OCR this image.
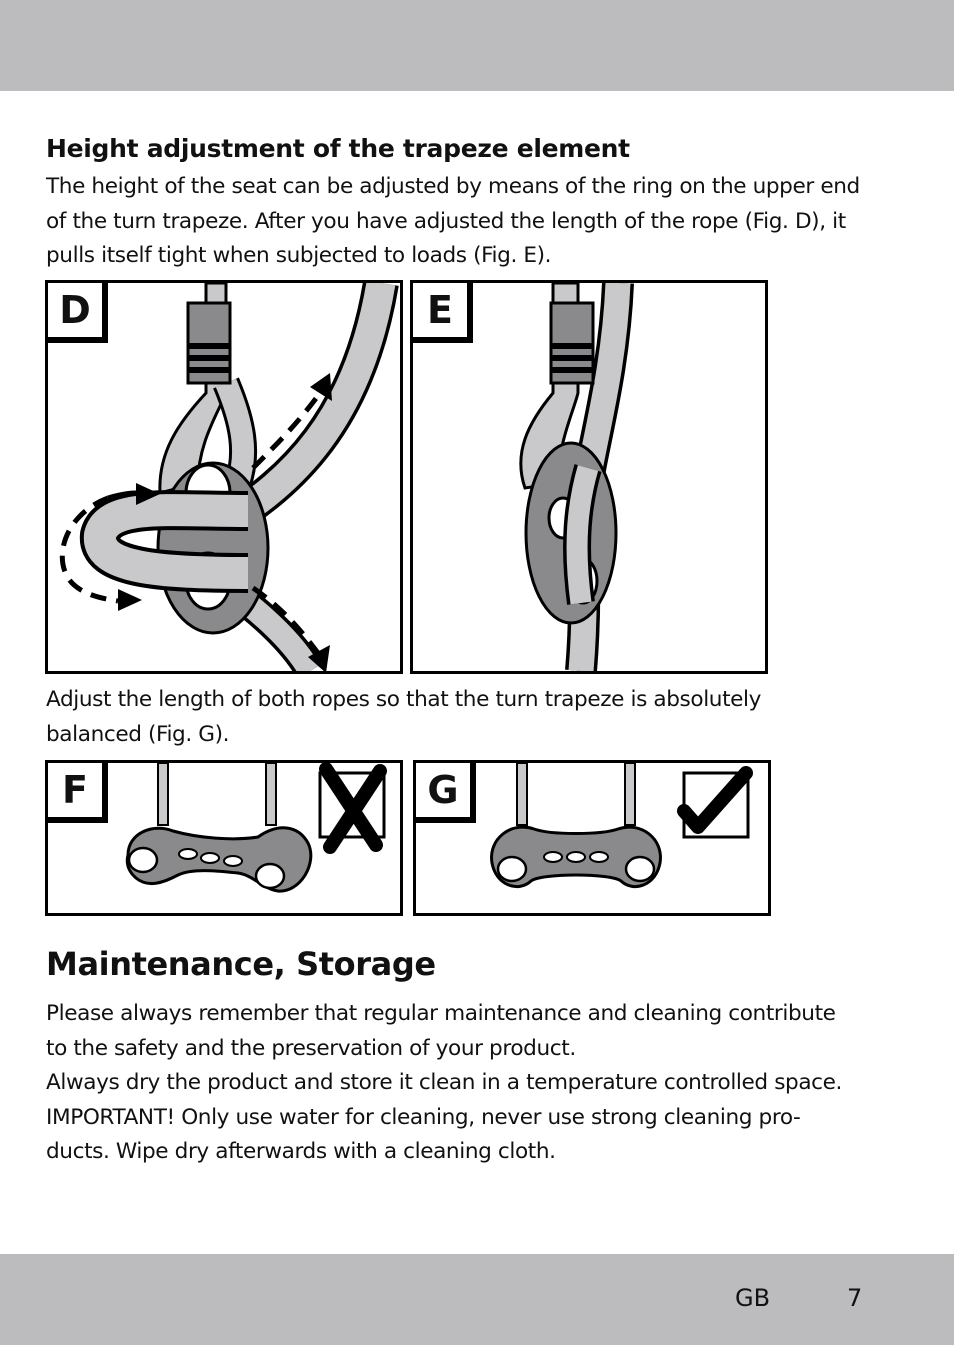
Height adjustment of the trapeze element
The height of the seat can be adjusted by means of the ring on the upper end
of the turn trapeze. After you have adjusted the length of the rope (Fig. D), it
pulls itself tight when subjected to loads (Fig. E).
D	E
Adjust the length of both ropes so that the turn trapeze is absolutely
balanced (Fig. G).
F	G
Maintenance, Storage
Please always remember that regular maintenance and cleaning contribute
to the safety and the preservation of your product.
Always dry the product and store it clean in a temperature controlled space.
IMPORTANT! Only use water for cleaning, never use strong cleaning pro-
ducts. Wipe dry afterwards with a cleaning cloth.
GB	7
